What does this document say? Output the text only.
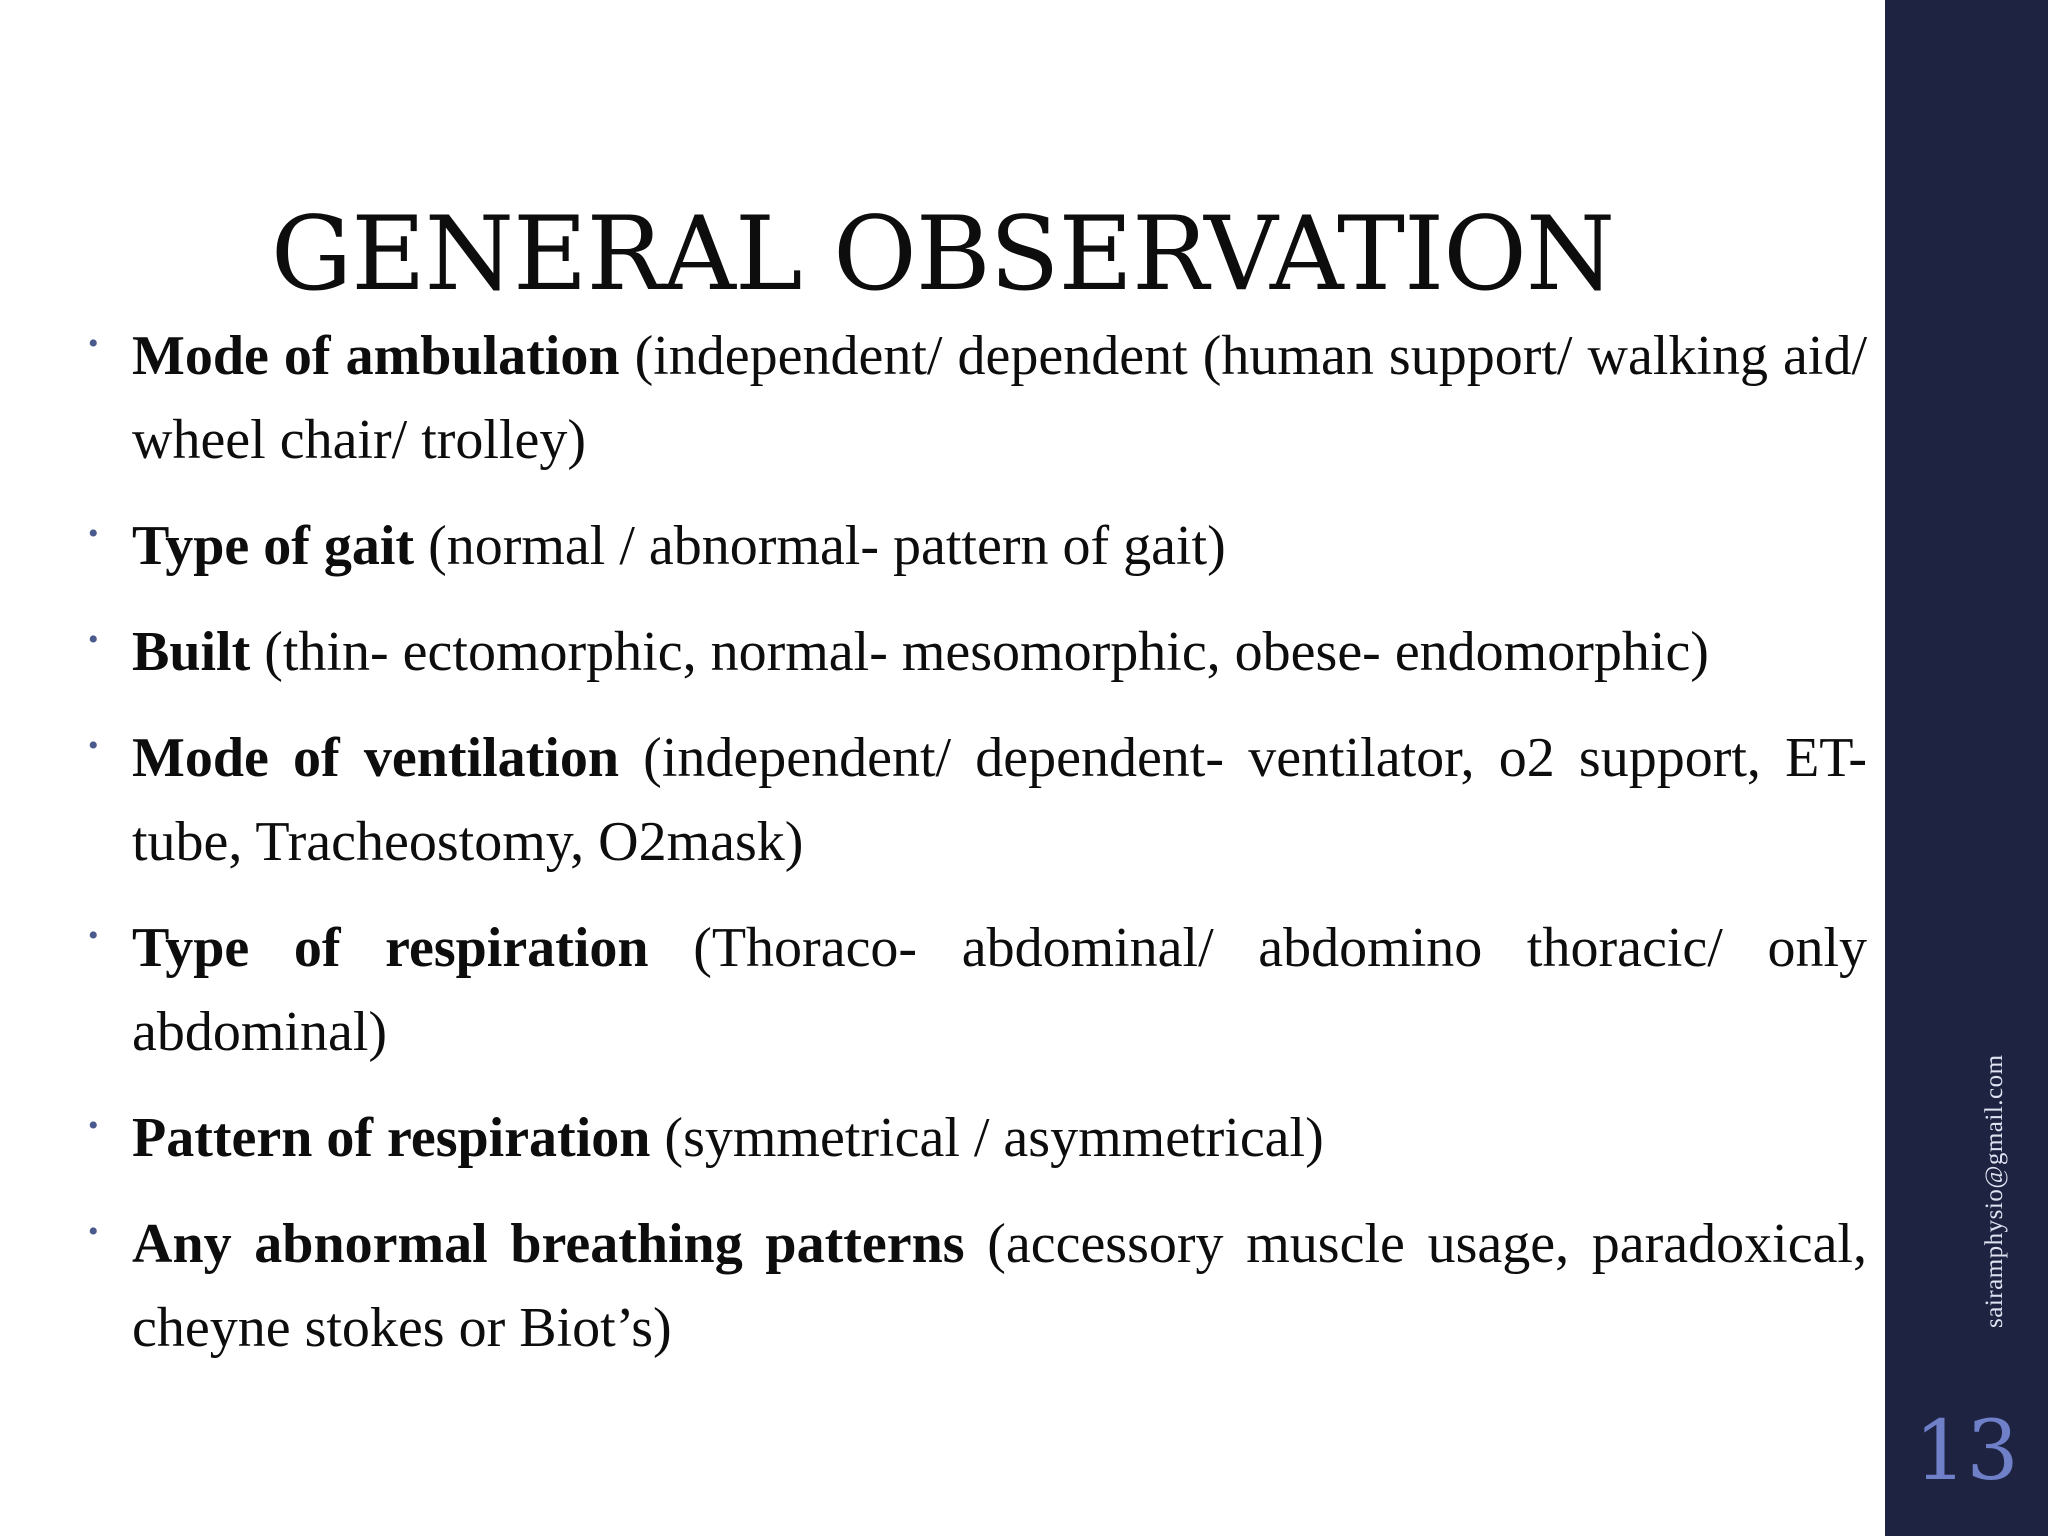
GENERAL OBSERVATION
• Mode of ambulation (independent/ dependent (human support/ walking aid/ wheel chair/ trolley)
• Type of gait (normal / abnormal- pattern of gait)
• Built (thin- ectomorphic, normal- mesomorphic, obese- endomorphic)
• Mode of ventilation (independent/ dependent- ventilator, o2 support, ET- tube, Tracheostomy, O2mask)
• Type of respiration (Thoraco- abdominal/ abdomino thoracic/ only abdominal)
• Pattern of respiration (symmetrical / asymmetrical)
• Any abnormal breathing patterns (accessory muscle usage, paradoxical, cheyne stokes or Biot’s)	sairamphysio@gmail.com
13
